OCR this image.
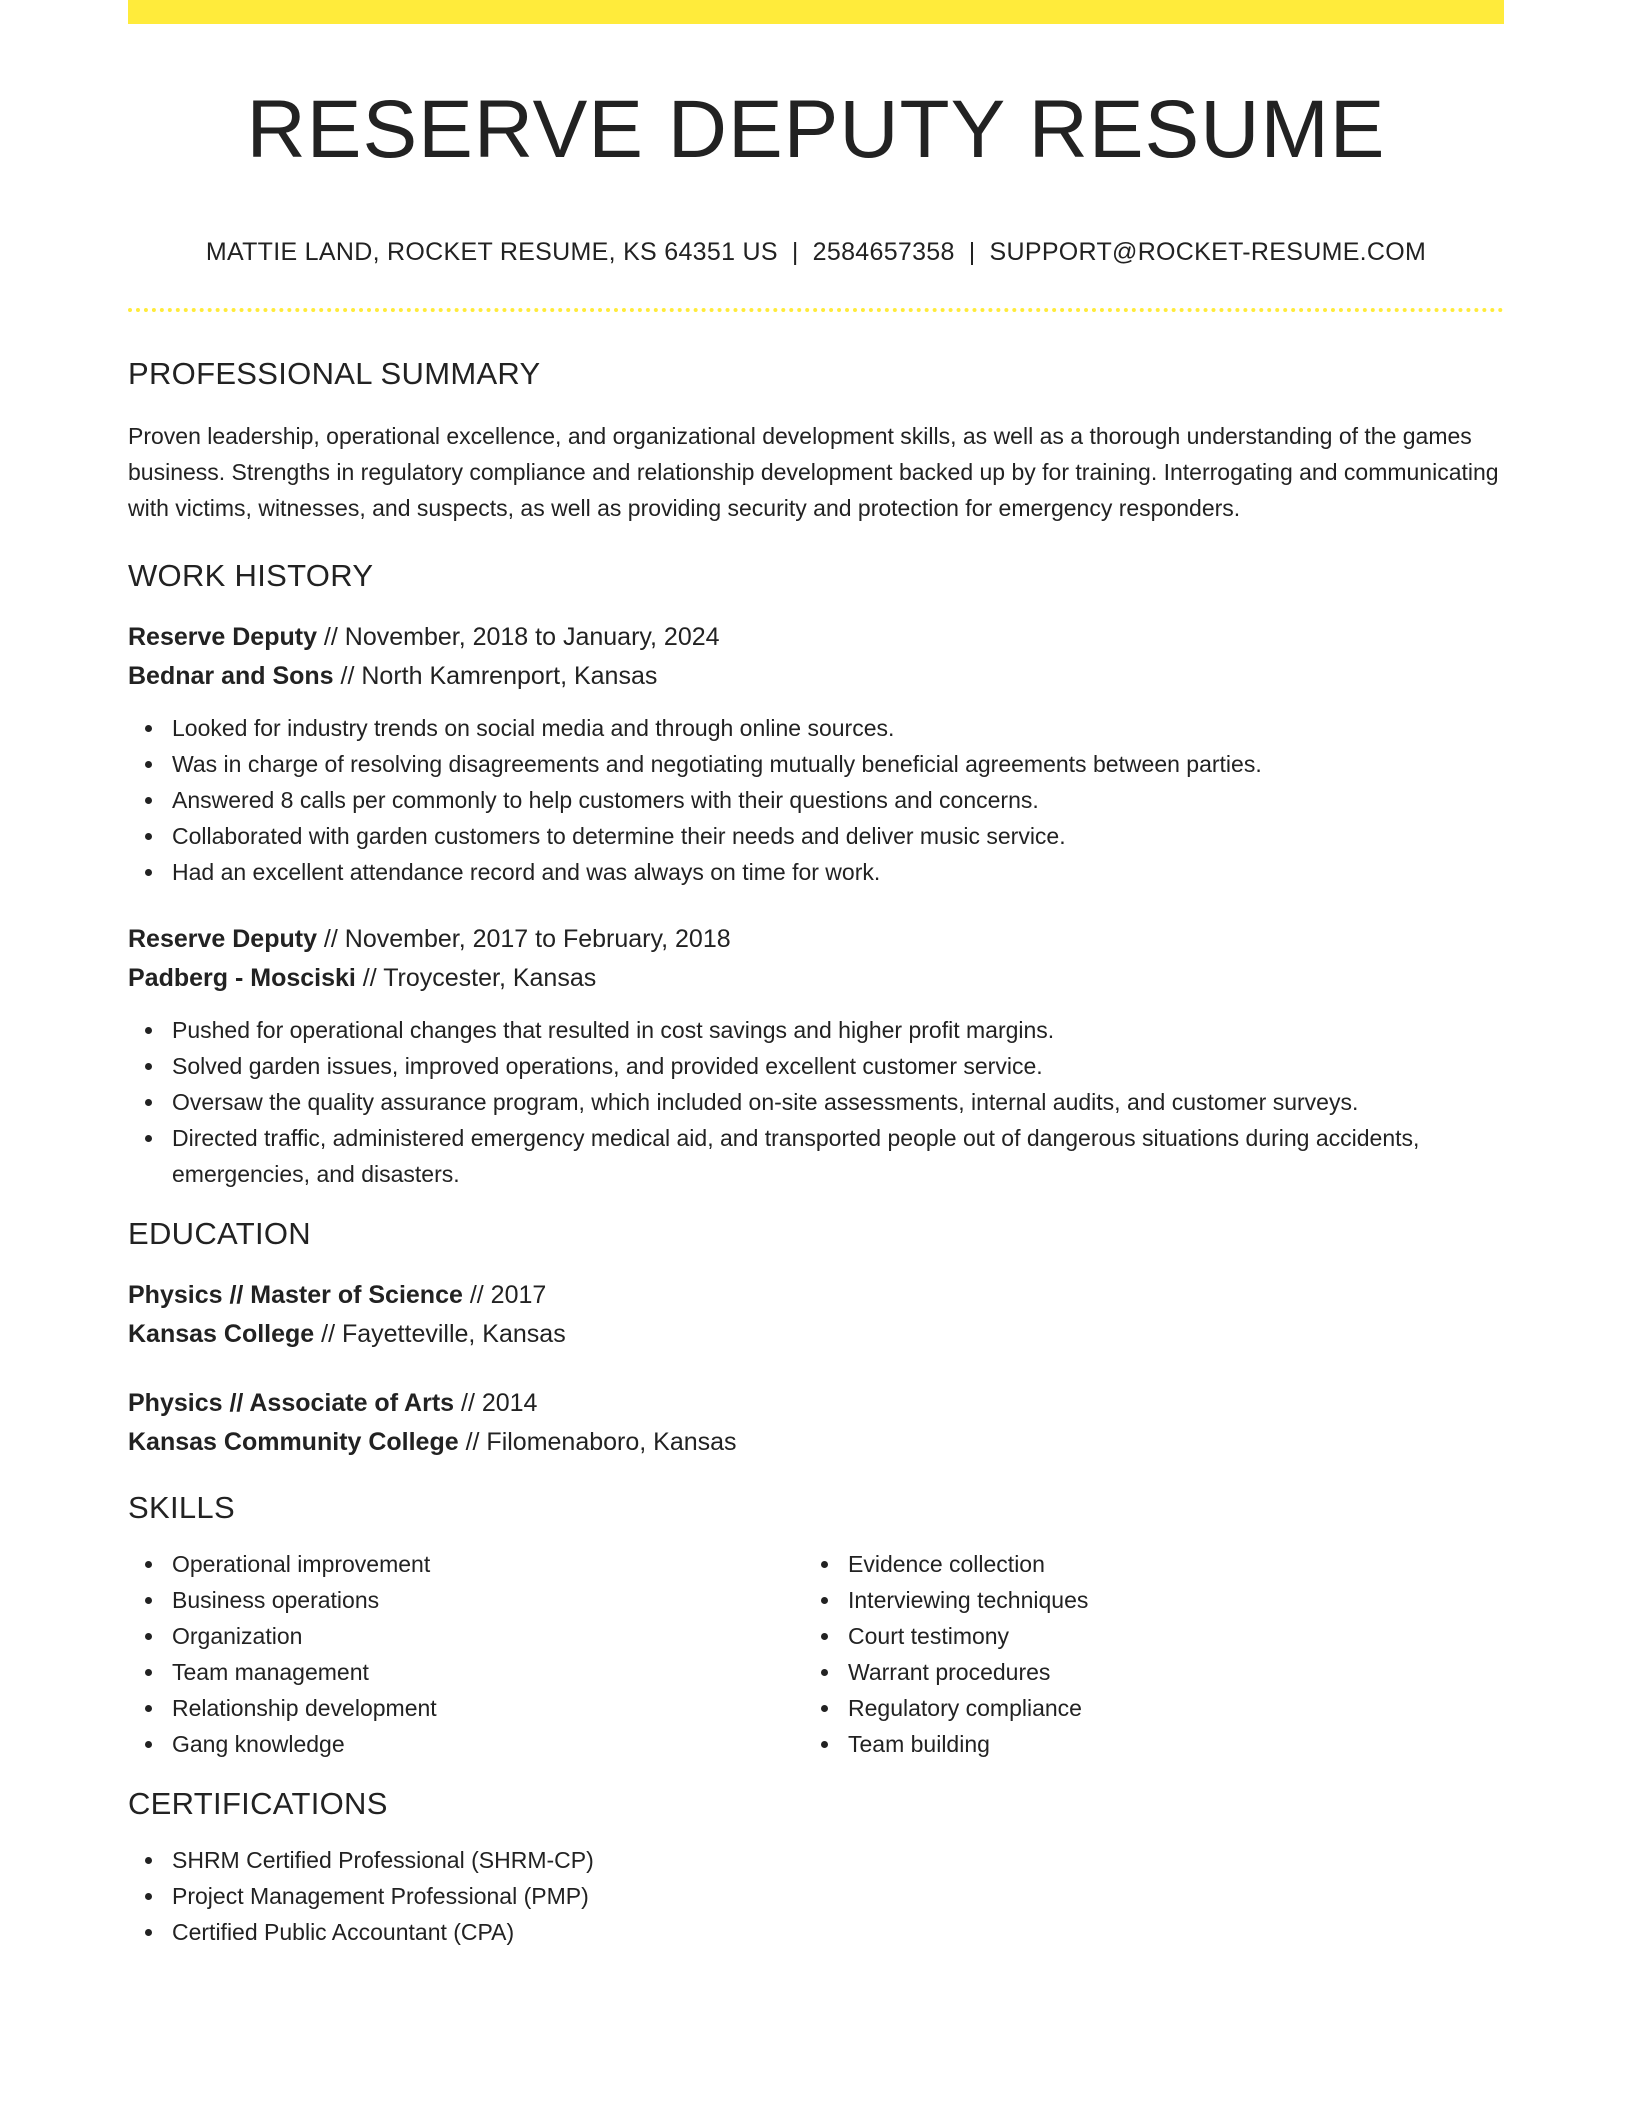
RESERVE DEPUTY RESUME
MATTIE LAND, ROCKET RESUME, KS 64351 US | 2584657358 | SUPPORT@ROCKET-RESUME.COM
PROFESSIONAL SUMMARY

Proven leadership, operational excellence, and organizational development skills, as well as a thorough understanding of the games business. Strengths in regulatory compliance and relationship development backed up by for training. Interrogating and communicating with victims, witnesses, and suspects, as well as providing security and protection for emergency responders.

WORK HISTORY
Reserve Deputy // November, 2018 to January, 2024
Bednar and Sons // North Kamrenport, Kansas
Looked for industry trends on social media and through online sources.
Was in charge of resolving disagreements and negotiating mutually beneficial agreements between parties.
Answered 8 calls per commonly to help customers with their questions and concerns.
Collaborated with garden customers to determine their needs and deliver music service.
Had an excellent attendance record and was always on time for work.
Reserve Deputy // November, 2017 to February, 2018
Padberg - Mosciski // Troycester, Kansas
Pushed for operational changes that resulted in cost savings and higher profit margins.
Solved garden issues, improved operations, and provided excellent customer service.
Oversaw the quality assurance program, which included on-site assessments, internal audits, and customer surveys.
Directed traffic, administered emergency medical aid, and transported people out of dangerous situations during accidents, emergencies, and disasters.
EDUCATION
Physics // Master of Science // 2017
Kansas College // Fayetteville, Kansas
Physics // Associate of Arts // 2014
Kansas Community College // Filomenaboro, Kansas
SKILLS
Operational improvement
Business operations
Organization
Team management
Relationship development
Gang knowledge
Evidence collection
Interviewing techniques
Court testimony
Warrant procedures
Regulatory compliance
Team building
CERTIFICATIONS
SHRM Certified Professional (SHRM-CP)
Project Management Professional (PMP)
Certified Public Accountant (CPA)
